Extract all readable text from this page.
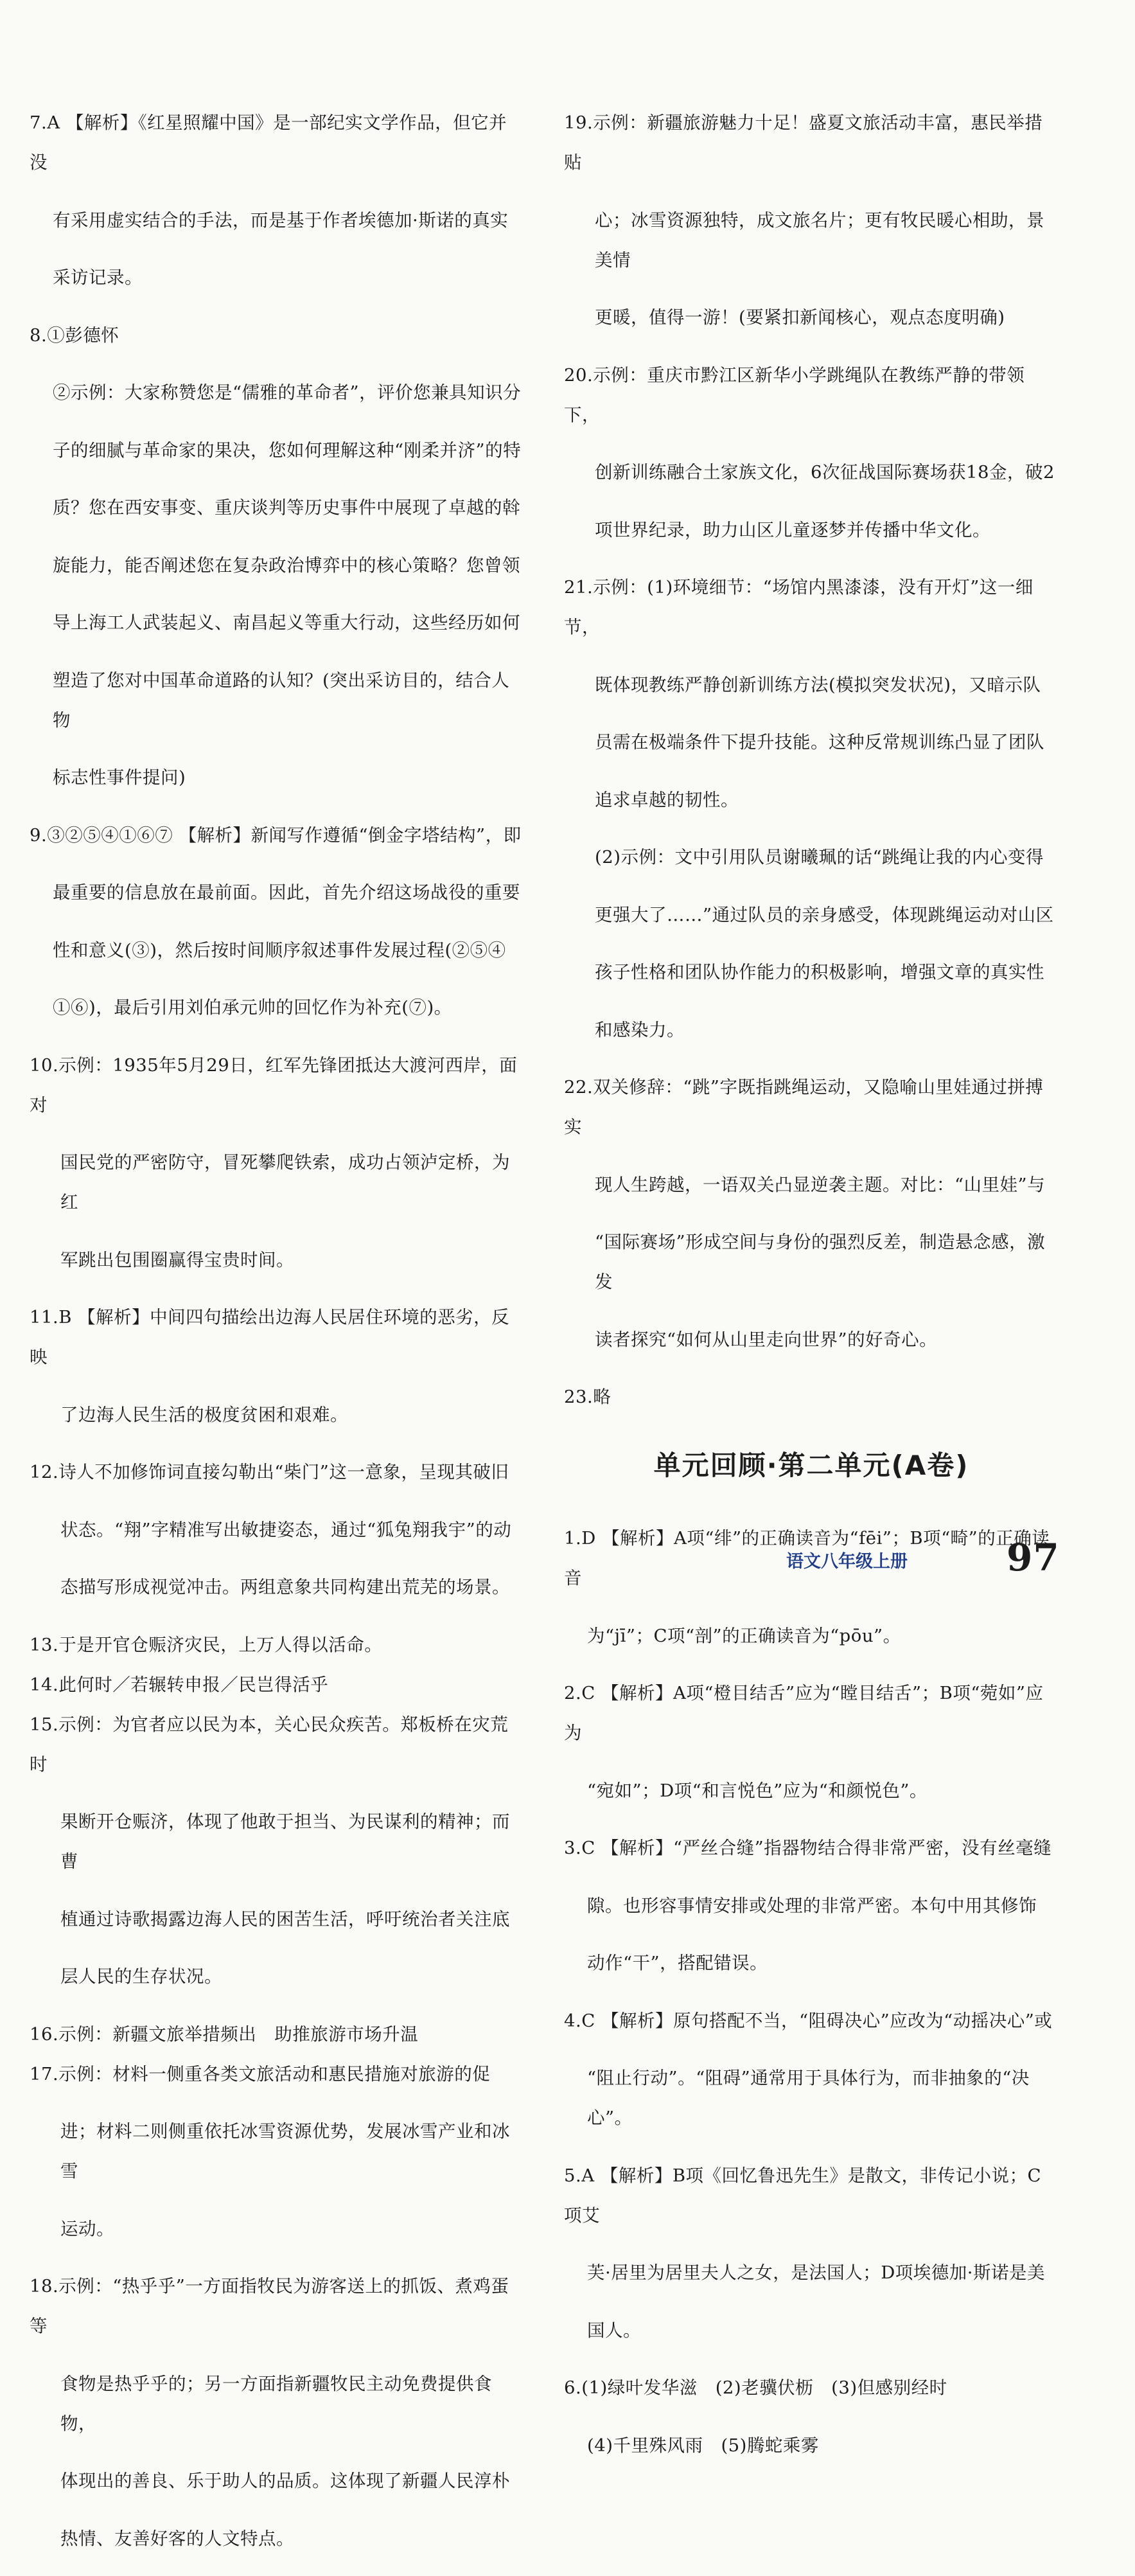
7.A 【解析】《红星照耀中国》是一部纪实文学作品，但它并没

有采用虚实结合的手法，而是基于作者埃德加·斯诺的真实

采访记录。

8.①彭德怀

②示例：大家称赞您是“儒雅的革命者”，评价您兼具知识分

子的细腻与革命家的果决，您如何理解这种“刚柔并济”的特

质？您在西安事变、重庆谈判等历史事件中展现了卓越的斡

旋能力，能否阐述您在复杂政治博弈中的核心策略？您曾领

导上海工人武装起义、南昌起义等重大行动，这些经历如何

塑造了您对中国革命道路的认知？(突出采访目的，结合人物

标志性事件提问)

9.③②⑤④①⑥⑦ 【解析】新闻写作遵循“倒金字塔结构”，即

最重要的信息放在最前面。因此，首先介绍这场战役的重要

性和意义(③)，然后按时间顺序叙述事件发展过程(②⑤④

①⑥)，最后引用刘伯承元帅的回忆作为补充(⑦)。

10.示例：1935年5月29日，红军先锋团抵达大渡河西岸，面对

国民党的严密防守，冒死攀爬铁索，成功占领泸定桥，为红

军跳出包围圈赢得宝贵时间。

11.B 【解析】中间四句描绘出边海人民居住环境的恶劣，反映

了边海人民生活的极度贫困和艰难。

12.诗人不加修饰词直接勾勒出“柴门”这一意象，呈现其破旧

状态。“翔”字精准写出敏捷姿态，通过“狐兔翔我宇”的动

态描写形成视觉冲击。两组意象共同构建出荒芜的场景。

13.于是开官仓赈济灾民，上万人得以活命。

14.此何时／若辗转申报／民岂得活乎

15.示例：为官者应以民为本，关心民众疾苦。郑板桥在灾荒时

果断开仓赈济，体现了他敢于担当、为民谋利的精神；而曹

植通过诗歌揭露边海人民的困苦生活，呼吁统治者关注底

层人民的生存状况。

16.示例：新疆文旅举措频出　助推旅游市场升温

17.示例：材料一侧重各类文旅活动和惠民措施对旅游的促

进；材料二则侧重依托冰雪资源优势，发展冰雪产业和冰雪

运动。

18.示例：“热乎乎”一方面指牧民为游客送上的抓饭、煮鸡蛋等

食物是热乎乎的；另一方面指新疆牧民主动免费提供食物，

体现出的善良、乐于助人的品质。这体现了新疆人民淳朴

热情、友善好客的人文特点。

19.示例：新疆旅游魅力十足！盛夏文旅活动丰富，惠民举措贴

心；冰雪资源独特，成文旅名片；更有牧民暖心相助，景美情

更暖，值得一游！(要紧扣新闻核心，观点态度明确)

20.示例：重庆市黔江区新华小学跳绳队在教练严静的带领下，

创新训练融合土家族文化，6次征战国际赛场获18金，破2

项世界纪录，助力山区儿童逐梦并传播中华文化。

21.示例：(1)环境细节：“场馆内黑漆漆，没有开灯”这一细节，

既体现教练严静创新训练方法(模拟突发状况)，又暗示队

员需在极端条件下提升技能。这种反常规训练凸显了团队

追求卓越的韧性。

(2)示例：文中引用队员谢曦珮的话“跳绳让我的内心变得

更强大了……”通过队员的亲身感受，体现跳绳运动对山区

孩子性格和团队协作能力的积极影响，增强文章的真实性

和感染力。

22.双关修辞：“跳”字既指跳绳运动，又隐喻山里娃通过拼搏实

现人生跨越，一语双关凸显逆袭主题。对比：“山里娃”与

“国际赛场”形成空间与身份的强烈反差，制造悬念感，激发

读者探究“如何从山里走向世界”的好奇心。

23.略

单元回顾·第二单元(A卷)

1.D 【解析】A项“绯”的正确读音为“fēi”；B项“畸”的正确读音

为“jī”；C项“剖”的正确读音为“pōu”。

2.C 【解析】A项“橙目结舌”应为“瞠目结舌”；B项“菀如”应为

“宛如”；D项“和言悦色”应为“和颜悦色”。

3.C 【解析】“严丝合缝”指器物结合得非常严密，没有丝毫缝

隙。也形容事情安排或处理的非常严密。本句中用其修饰

动作“干”，搭配错误。

4.C 【解析】原句搭配不当，“阻碍决心”应改为“动摇决心”或

“阻止行动”。“阻碍”通常用于具体行为，而非抽象的“决心”。

5.A 【解析】B项《回忆鲁迅先生》是散文，非传记小说；C项艾

芙·居里为居里夫人之女，是法国人；D项埃德加·斯诺是美

国人。

6.(1)绿叶发华滋　(2)老骥伏枥　(3)但感别经时

(4)千里殊风雨　(5)腾蛇乘雾

语文八年级上册	97
